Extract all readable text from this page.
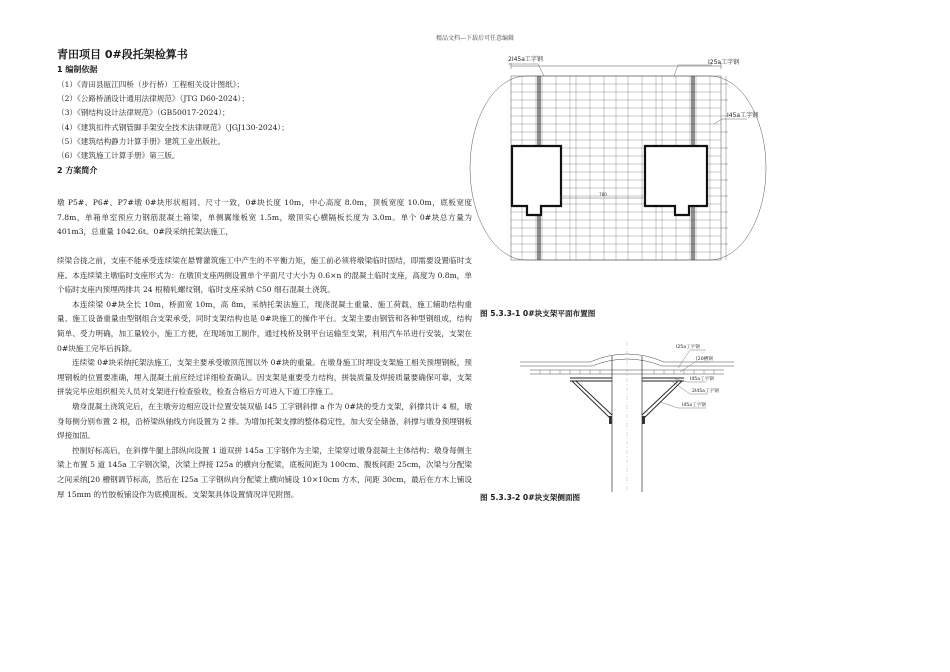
精品文档---下载后可任意编辑
青田项目 0#段托架检算书
1 编制依据
（1）《青田县瓯江四桥（步行桥）工程相关设计图纸》；
（2）《公路桥涵设计通用法律规范》（JTG D60-2024）；
（3）《钢结构设计法律规范》（GB50017-2024）；
（4）《建筑扣件式钢管脚手架安全技术法律规范》（JGJ130-2024）；
（5）《建筑结构静力计算手册》建筑工业出版社。
（6）《建筑施工计算手册》第三版。
2 方案简介

墩 P5#、P6#、P7#墩 0#块形状相同、尺寸一致，0#块长度 10m，中心高度 8.0m，顶板宽度 10.0m，底板宽度 7.8m，单箱单室预应力钢筋混凝土箱梁，单侧翼缘板宽 1.5m，墩顶实心横隔板长度为 3.0m。单个 0#块总方量为 401m3，总重量 1042.6t。0#段采纳托架法施工，

续梁合拢之前，支座不能承受连续梁在悬臂灌筑施工中产生的不平衡力矩，施工前必须将墩梁临时固结，即需要设置临时支座。本连续梁主墩临时支座形式为：在墩顶支座两侧设置单个平面尺寸大小为 0.6×n 的混凝土临时支座，高度为 0.8m，单个临时支座内预埋两排共 24 根精轧螺纹钢，临时支座采纳 C50 细石混凝土浇筑。

本连续梁 0#块全长 10m，桥面宽 10m，高 8m，采纳托架法施工，现浇混凝土重量、施工荷载、施工辅助结构重量、施工设备重量由型钢组合支架承受，同时支架结构也是 0#块施工的操作平台。支架主要由钢管和各种型钢组成，结构简单、受力明确，加工量较小，施工方便，在现场加工制作，通过栈桥及钢平台运输至支架，利用汽车吊进行安装，支架在 0#块施工完毕后拆除。

连续梁 0#块采纳托架法施工，支架主要承受墩顶范围以外 0#块的重量。在墩身施工时埋设支架施工相关预埋钢板，预埋钢板的位置要准确，埋入混凝土前应经过详细检查确认。因支架是重要受力结构，拼装质量及焊接质量要确保可靠，支架拼装完毕应组织相关人员对支架进行检查验收，检查合格后方可进入下道工序施工。

墩身混凝土浇筑完后，在主墩旁边相应设计位置安装双榀 I45 工字钢斜撑 a 作为 0#块的受力支架，斜撑共计 4 根，墩身每侧分别布置 2 根，沿桥梁纵轴线方向设置为 2 排。为增加托架支撑的整体稳定性，加大安全储备，斜撑与墩身预埋钢板焊接加固。

控制好标高后，在斜撑牛腿上部纵向设置 1 道双拼 145a 工字钢作为主梁，主梁穿过墩身混凝土主体结构；墩身每侧主梁上布置 5 道 145a 工字钢次梁，次梁上焊接 I25a 的横向分配梁，底板间距为 100cm、腹板间距 25cm，次梁与分配梁之间采纳[20 槽钢调节标高，然后在 I25a 工字钢纵向分配梁上横向铺设 10×10cm 方木，间距 30cm，最后在方木上铺设厚 15mm 的竹胶板铺设作为底模面板。支架架具体设置情况详见附图。

780
2I45a工字钢	I25a工字钢
I45a工字钢
图 5.3.3-1 0#块支架平面布置图
I25a工字钢
[20槽钢
I45a工字钢
2I45a工字钢
I45a工字钢
图 5.3.3-2 0#块支架侧面图
